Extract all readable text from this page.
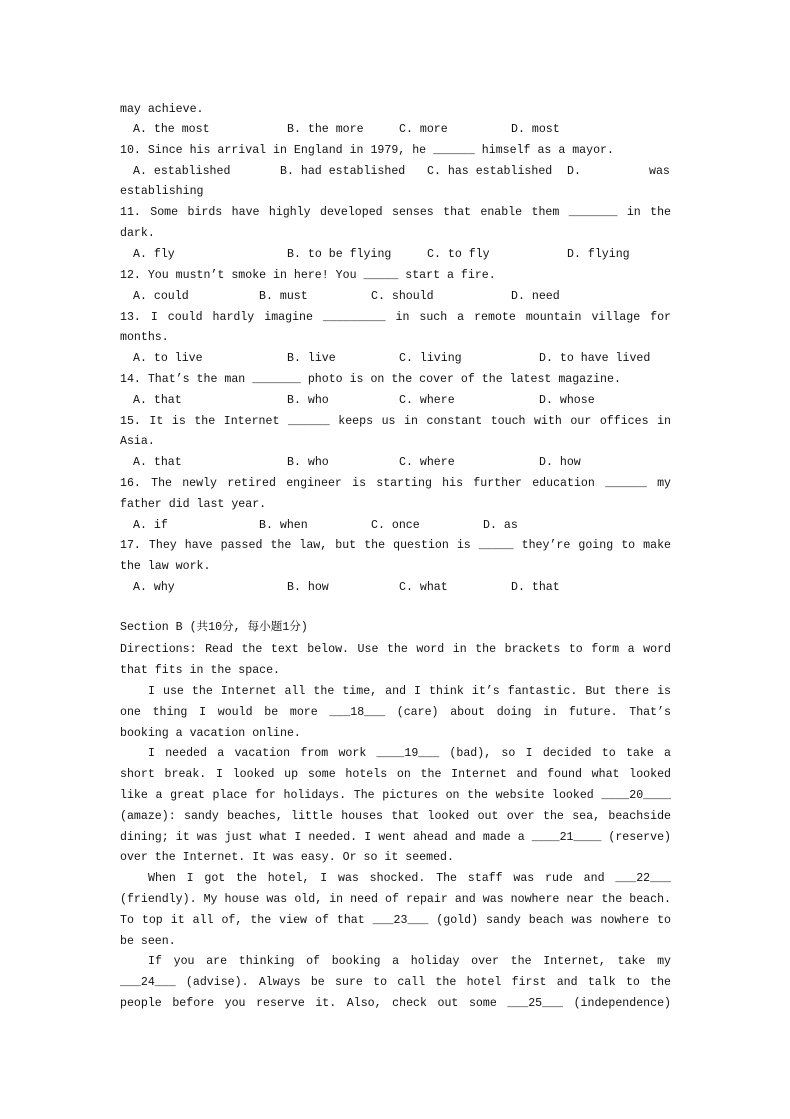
may achieve.
A. the most	B. the more	C. more	D. most
10. Since his arrival in England in 1979, he ______ himself as a mayor.
A. established	B. had established C. has established D.	was
establishing
11. Some birds have highly developed senses that enable them _______ in the
dark.
A. fly	B. to be flying	C. to fly	D. flying
12. You mustn’t smoke in here! You _____ start a fire.
A. could	B. must	C. should	D. need
13. I could hardly imagine _________ in such a remote mountain village for
months.
A. to live	B. live	C. living	D. to have lived
14. That’s the man _______ photo is on the cover of the latest magazine.
A. that	B. who	C. where	D. whose
15. It is the Internet ______ keeps us in constant touch with our offices in
Asia.
A. that	B. who	C. where	D. how
16. The newly retired engineer is starting his further education ______ my
father did last year.
A. if	B. when	C. once	D. as
17. They have passed the law, but the question is _____ they’re going to make
the law work.
A. why	B. how	C. what	D. that
Section B (共10分, 每小题1分)
Directions: Read the text below. Use the word in the brackets to form a word
that fits in the space.
I use the Internet all the time, and I think it’s fantastic. But there is
one thing I would be more ___18___ (care) about doing in future. That’s
booking a vacation online.
I needed a vacation from work ____19___ (bad), so I decided to take a
short break. I looked up some hotels on the Internet and found what looked
like a great place for holidays. The pictures on the website looked ____20____
(amaze): sandy beaches, little houses that looked out over the sea, beachside
dining; it was just what I needed. I went ahead and made a ____21____ (reserve)
over the Internet. It was easy. Or so it seemed.
When I got the hotel, I was shocked. The staff was rude and ___22___
(friendly). My house was old, in need of repair and was nowhere near the beach.
To top it all of, the view of that ___23___ (gold) sandy beach was nowhere to
be seen.
If you are thinking of booking a holiday over the Internet, take my
___24___ (advise). Always be sure to call the hotel first and talk to the
people before you reserve it. Also, check out some ___25___ (independence)
